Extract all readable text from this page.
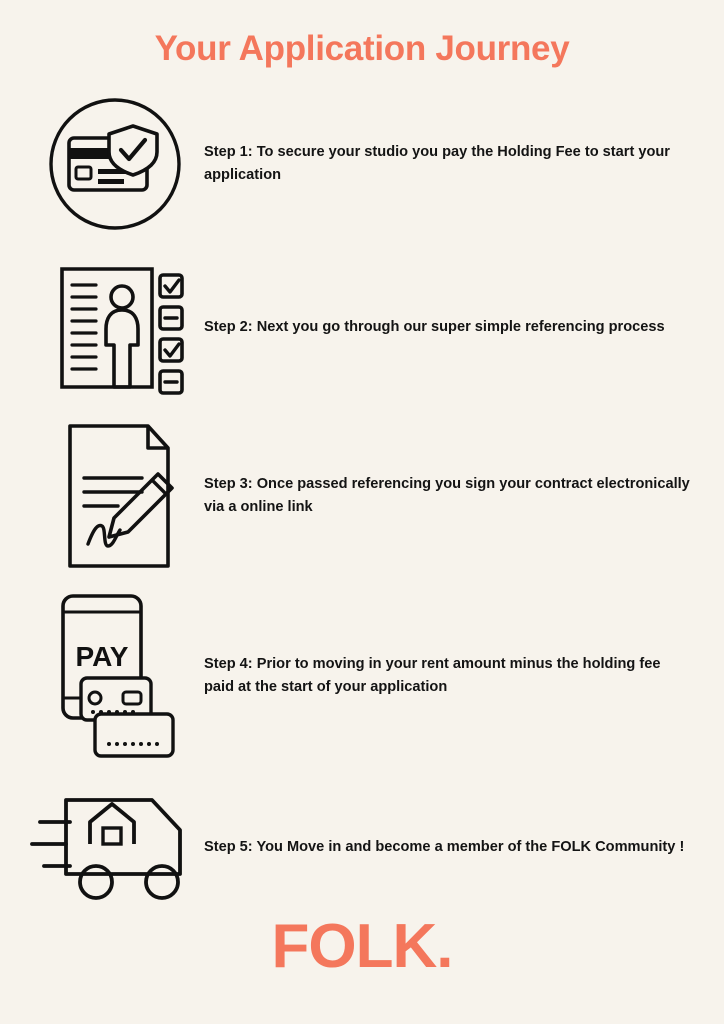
Your Application Journey
Step 1: To secure your studio you pay the Holding Fee to start your application
Step 2: Next you go through our super simple referencing process
Step 3: Once passed referencing you sign your contract electronically via a online link
PAY	Step 4: Prior to moving in your rent amount minus the holding fee paid at the start of your application
Step 5: You Move in and become a member of the FOLK Community !
FOLK.
